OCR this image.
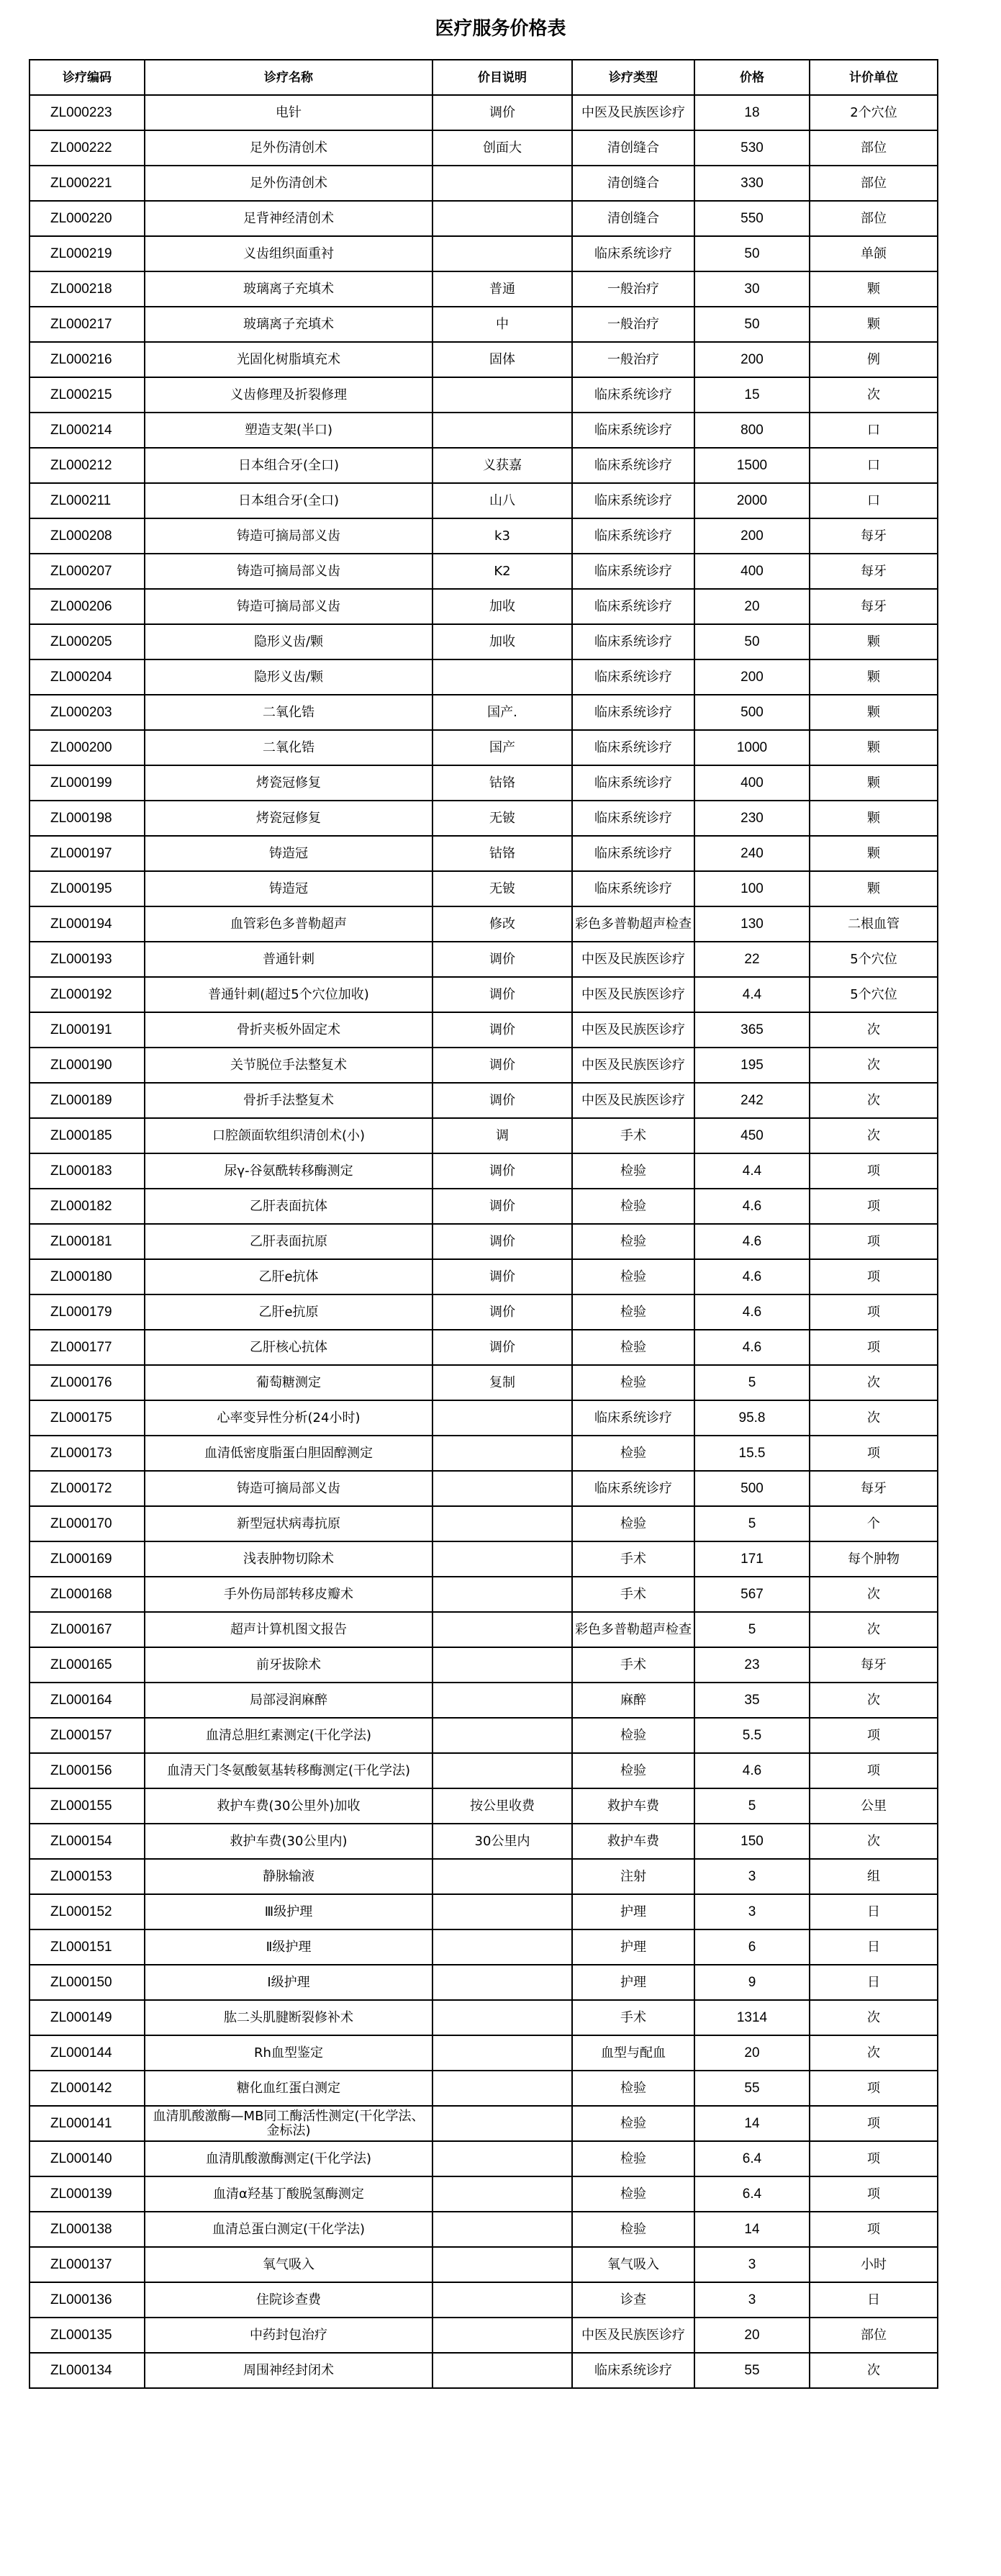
医疗服务价格表
诊疗编码	诊疗名称	价目说明	诊疗类型	价格	计价单位
ZL000223	电针	调价	中医及民族医诊疗	18	2个穴位
ZL000222	足外伤清创术	创面大	清创缝合	530	部位
ZL000221	足外伤清创术		清创缝合	330	部位
ZL000220	足背神经清创术		清创缝合	550	部位
ZL000219	义齿组织面重衬		临床系统诊疗	50	单颌
ZL000218	玻璃离子充填术	普通	一般治疗	30	颗
ZL000217	玻璃离子充填术	中	一般治疗	50	颗
ZL000216	光固化树脂填充术	固体	一般治疗	200	例
ZL000215	义齿修理及折裂修理		临床系统诊疗	15	次
ZL000214	塑造支架(半口)		临床系统诊疗	800	口
ZL000212	日本组合牙(全口)	义获嘉	临床系统诊疗	1500	口
ZL000211	日本组合牙(全口)	山八	临床系统诊疗	2000	口
ZL000208	铸造可摘局部义齿	k3	临床系统诊疗	200	每牙
ZL000207	铸造可摘局部义齿	K2	临床系统诊疗	400	每牙
ZL000206	铸造可摘局部义齿	加收	临床系统诊疗	20	每牙
ZL000205	隐形义齿/颗	加收	临床系统诊疗	50	颗
ZL000204	隐形义齿/颗		临床系统诊疗	200	颗
ZL000203	二氧化锆	国产.	临床系统诊疗	500	颗
ZL000200	二氧化锆	国产	临床系统诊疗	1000	颗
ZL000199	烤瓷冠修复	钴铬	临床系统诊疗	400	颗
ZL000198	烤瓷冠修复	无铍	临床系统诊疗	230	颗
ZL000197	铸造冠	钴铬	临床系统诊疗	240	颗
ZL000195	铸造冠	无铍	临床系统诊疗	100	颗
ZL000194	血管彩色多普勒超声	修改	彩色多普勒超声检查	130	二根血管
ZL000193	普通针刺	调价	中医及民族医诊疗	22	5个穴位
ZL000192	普通针刺(超过5个穴位加收)	调价	中医及民族医诊疗	4.4	5个穴位
ZL000191	骨折夹板外固定术	调价	中医及民族医诊疗	365	次
ZL000190	关节脱位手法整复术	调价	中医及民族医诊疗	195	次
ZL000189	骨折手法整复术	调价	中医及民族医诊疗	242	次
ZL000185	口腔颌面软组织清创术(小)	调	手术	450	次
ZL000183	尿γ-谷氨酰转移酶测定	调价	检验	4.4	项
ZL000182	乙肝表面抗体	调价	检验	4.6	项
ZL000181	乙肝表面抗原	调价	检验	4.6	项
ZL000180	乙肝e抗体	调价	检验	4.6	项
ZL000179	乙肝e抗原	调价	检验	4.6	项
ZL000177	乙肝核心抗体	调价	检验	4.6	项
ZL000176	葡萄糖测定	复制	检验	5	次
ZL000175	心率变异性分析(24小时)		临床系统诊疗	95.8	次
ZL000173	血清低密度脂蛋白胆固醇测定		检验	15.5	项
ZL000172	铸造可摘局部义齿		临床系统诊疗	500	每牙
ZL000170	新型冠状病毒抗原		检验	5	个
ZL000169	浅表肿物切除术		手术	171	每个肿物
ZL000168	手外伤局部转移皮瓣术		手术	567	次
ZL000167	超声计算机图文报告		彩色多普勒超声检查	5	次
ZL000165	前牙拔除术		手术	23	每牙
ZL000164	局部浸润麻醉		麻醉	35	次
ZL000157	血清总胆红素测定(干化学法)		检验	5.5	项
ZL000156	血清天门冬氨酸氨基转移酶测定(干化学法)		检验	4.6	项
ZL000155	救护车费(30公里外)加收	按公里收费	救护车费	5	公里
ZL000154	救护车费(30公里内)	30公里内	救护车费	150	次
ZL000153	静脉输液		注射	3	组
ZL000152	Ⅲ级护理		护理	3	日
ZL000151	Ⅱ级护理		护理	6	日
ZL000150	Ⅰ级护理		护理	9	日
ZL000149	肱二头肌腱断裂修补术		手术	1314	次
ZL000144	Rh血型鉴定		血型与配血	20	次
ZL000142	糖化血红蛋白测定		检验	55	项
ZL000141	血清肌酸激酶—MB同工酶活性测定(干化学法、金标法)		检验	14	项
ZL000140	血清肌酸激酶测定(干化学法)		检验	6.4	项
ZL000139	血清α羟基丁酸脱氢酶测定		检验	6.4	项
ZL000138	血清总蛋白测定(干化学法)		检验	14	项
ZL000137	氧气吸入		氧气吸入	3	小时
ZL000136	住院诊查费		诊查	3	日
ZL000135	中药封包治疗		中医及民族医诊疗	20	部位
ZL000134	周围神经封闭术		临床系统诊疗	55	次
